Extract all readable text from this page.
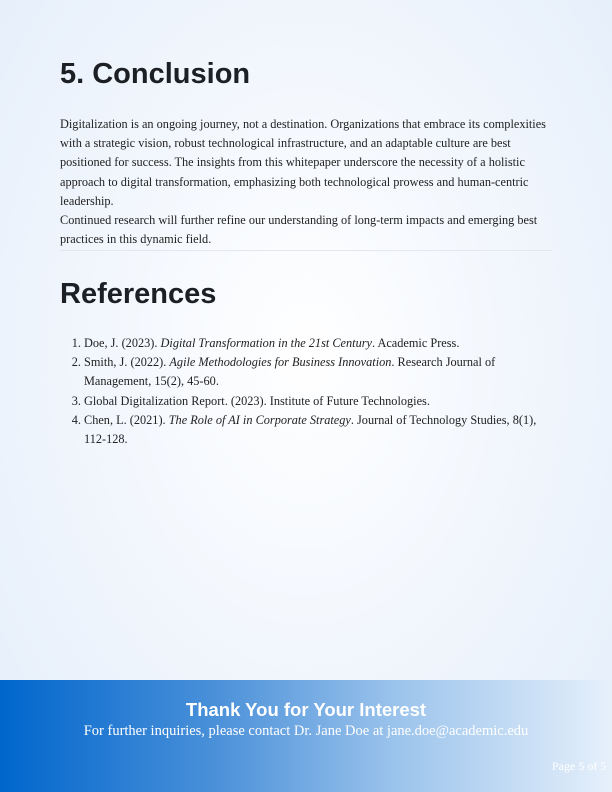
5. Conclusion

Digitalization is an ongoing journey, not a destination. Organizations that embrace its complexities with a strategic vision, robust technological infrastructure, and an adaptable culture are best positioned for success. The insights from this whitepaper underscore the necessity of a holistic approach to digital transformation, emphasizing both technological prowess and human-centric leadership.

Continued research will further refine our understanding of long-term impacts and emerging best practices in this dynamic field.

References
1. Doe, J. (2023). Digital Transformation in the 21st Century. Academic Press.
2. Smith, J. (2022). Agile Methodologies for Business Innovation. Research Journal of Management, 15(2), 45-60.
3. Global Digitalization Report. (2023). Institute of Future Technologies.
4. Chen, L. (2021). The Role of AI in Corporate Strategy. Journal of Technology Studies, 8(1), 112-128.
Thank You for Your Interest
For further inquiries, please contact Dr. Jane Doe at jane.doe@academic.edu
Page 5 of 5
